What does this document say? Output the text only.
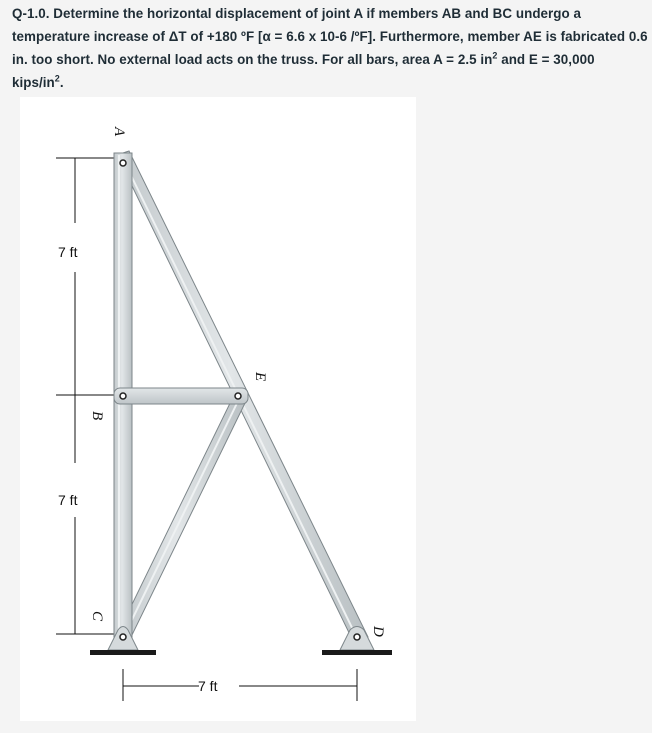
Q-1.0. Determine the horizontal displacement of joint A if members AB and BC undergo a temperature increase of ΔT of +180 ºF [α = 6.6 x 10-6 /ºF]. Furthermore, member AE is fabricated 0.6 in. too short. No external load acts on the truss. For all bars, area A = 2.5 $in^2$ and E = 30,000 kips/$in^2$.
7 ft
7 ft
7 ft
A
B
C
D
E
